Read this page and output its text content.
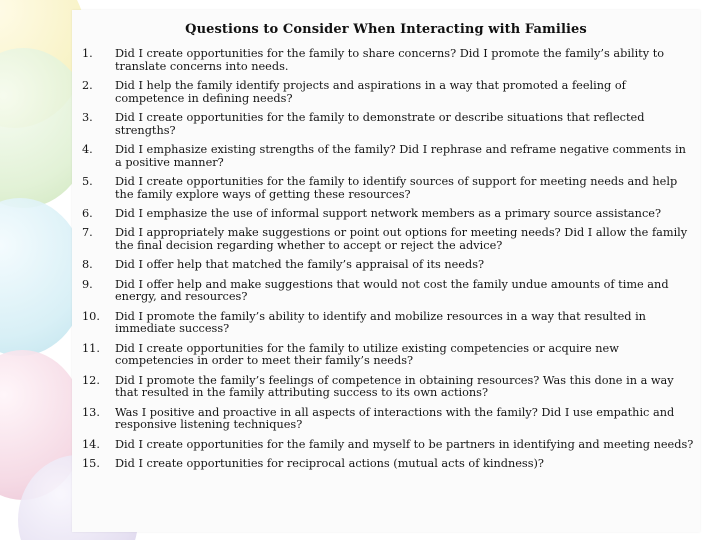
Questions to Consider When Interacting with Families
1.	Did I create opportunities for the family to share concerns? Did I promote the family’s ability to translate concerns into needs.
2.	Did I help the family identify projects and aspirations in a way that promoted a feeling of competence in defining needs?
3.	Did I create opportunities for the family to demonstrate or describe situations that reflected strengths?
4.	Did I emphasize existing strengths of the family? Did I rephrase and reframe negative comments in a positive manner?
5.	Did I create opportunities for the family to identify sources of support for meeting needs and help the family explore ways of getting these resources?
6.	Did I emphasize the use of informal support network members as a primary source assistance?
7.	Did I appropriately make suggestions or point out options for meeting needs? Did I allow the family the final decision regarding whether to accept or reject the advice?
8.	Did I offer help that matched the family’s appraisal of its needs?
9.	Did I offer help and make suggestions that would not cost the family undue amounts of time and energy, and resources?
10.	Did I promote the family’s ability to identify and mobilize resources in a way that resulted in immediate success?
11.	Did I create opportunities for the family to utilize existing competencies or acquire new competencies in order to meet their family’s needs?
12.	Did I promote the family’s feelings of competence in obtaining resources? Was this done in a way that resulted in the family attributing success to its own actions?
13.	Was I positive and proactive in all aspects of interactions with the family? Did I use empathic and responsive listening techniques?
14.	Did I create opportunities for the family and myself to be partners in identifying and meeting needs?
15.	Did I create opportunities for reciprocal actions (mutual acts of kindness)?
